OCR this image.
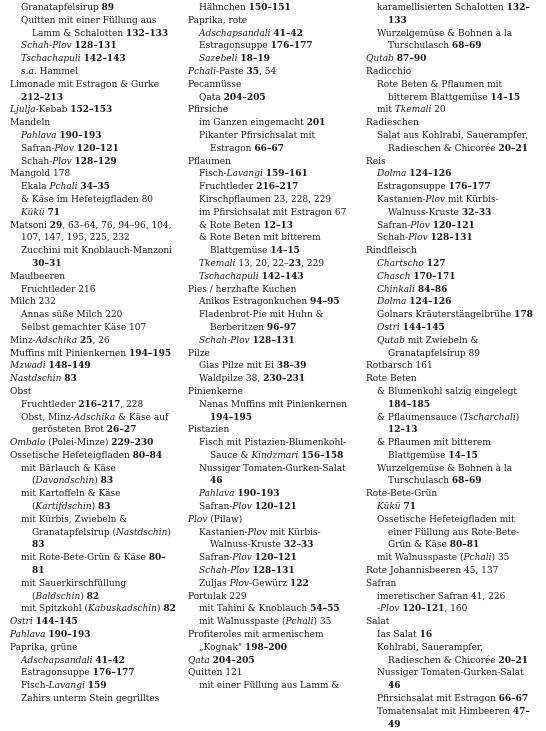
Granatapfelsirup 89
Quitten mit einer Füllung aus Lamm & Schalotten 132–133
Schah-Plov 128–131
Tschachapuli 142–143
s.a. Hammel
Limonade mit Estragon & Gurke 212–213
Ljulja-Kebab 152–153
Mandeln
Pahlava 190–193
Safran-Plov 120–121
Schah-Plov 128–129
Mangold 178
Ekala Pchali 34–35
& Käse im Hefeteigfladen 80
Kükü 71
Matsoni 29, 63–64, 76, 94–96, 104, 107, 147, 195, 225, 232
Zucchini mit Knoblauch-Manzoni 30–31
Maulbeeren
Fruchtleder 216
Milch 232
Annas süße Milch 220
Selbst gemachter Käse 107
Minz-Adschika 25, 26
Muffins mit Pinienkernen 194–195
Mzwadi 148–149
Nastdschin 83
Obst
Fruchtleder 216–217, 228
Obst, Minz-Adschika & Käse auf gerösteten Brot 26–27
Ombalo (Polei-Minze) 229–230
Ossetische Hefeteigfladen 80–84
mit Bärlauch & Käse (Davondschin) 83
mit Kartoffeln & Käse (Kartifdschin) 83
mit Kürbis, Zwiebeln & Granatapfelsirup (Nastdschin) 83
mit Rote-Bete-Grün & Käse 80–81
mit Sauerkirschfüllung (Baldschin) 82
mit Spitzkohl (Kabuskadschin) 82
Ostri 144–145
Pahlava 190–193
Paprika, grüne
Adschapsandali 41–42
Estragonsuppe 176–177
Fisch-Lavangi 159
Zahirs unterm Stein gegrilltes
Hähnchen 150–151
Paprika, rote
Adschapsandali 41–42
Estragonsuppe 176–177
Sazebeli 18–19
Pchali-Paste 35, 54
Pecannüsse
Qata 204–205
Pfirsiche
im Ganzen eingemacht 201
Pikanter Pfirsichsalat mit Estragon 66–67
Pflaumen
Fisch-Lavangi 159–161
Fruchtleder 216–217
Kirschpflaumen 23, 228, 229
im Pfirsichsalat mit Estragon 67
& Rote Beten 12–13
& Rote Beten mit bitterem Blattgemüse 14–15
Tkemali 13, 20, 22–23, 229
Tschachapuli 142–143
Pies / herzhafte Kuchen
Anikos Estragonkuchen 94–95
Fladenbrot-Pie mit Huhn & Berberitzen 96–97
Schah-Plov 128–131
Pilze
Gias Pilze mit Ei 38–39
Waldpilze 38, 230–231
Pinienkerne
Nanas Muffins mit Pinienkernen 194–195
Pistazien
Fisch mit Pistazien-Blumenkohl-Sauce & Kindzmari 156–158
Nussiger Tomaten-Gurken-Salat 46
Pahlava 190–193
Safran-Plov 120–121
Plov (Pilaw)
Kastanien-Plov mit Kürbis-Walnuss-Kruste 32–33
Safran-Plov 120–121
Schah-Plov 128–131
Zuljas Plov-Gewürz 122
Portulak 229
mit Tahini & Knoblauch 54–55
mit Walnusspaste (Pchali) 35
Profiteroles mit armenischem „Kognak" 198–200
Qata 204–205
Quitten 121
mit einer Füllung aus Lamm &
karamellisierten Schalotten 132–133
Wurzelgemüse & Bohnen à la Turschulasch 68–69
Qutab 87–90
Radicchio
Rote Beten & Pflaumen mit bitterem Blattgemüse 14–15
mit Tkemali 20
Radieschen
Salat aus Kohlrabi, Sauerampfer, Radieschen & Chicorée 20–21
Reis
Dolma 124–126
Estragonsuppe 176–177
Kastanien-Plov mit Kürbis-Walnuss-Kruste 32–33
Safran-Plov 120–121
Schah-Plov 128–131
Rindfleisch
Chartscho 127
Chasch 170–171
Chinkali 84–86
Dolma 124–126
Golnars Kräuterstängelbrühe 178
Ostri 144–145
Qutab mit Zwiebeln & Granatapfelsirup 89
Rotbarsch 161
Rote Beten
& Blumenkohl salzig eingelegt 184–185
& Pflaumensauce (Tscharchali) 12–13
& Pflaumen mit bitterem Blattgemüse 14–15
Wurzelgemüse & Bohnen à la Turschulasch 68–69
Rote-Bete-Grün
Kükü 71
Ossetische Hefeteigfladen mit einer Füllung aus Rote-Bete-Grün & Käse 80–81
mit Walnusspaste (Pchali) 35
Rote Johannisbeeren 45, 137
Safran
imeretischer Safran 41, 226
-Plov 120–121, 160
Salat
Ias Salat 16
Kohlrabi, Sauerampfer, Radieschen & Chicorée 20–21
Nussiger Tomaten-Gurken-Salat 46
Pfirsichsalat mit Estragon 66–67
Tomatensalat mit Himbeeren 47–49
